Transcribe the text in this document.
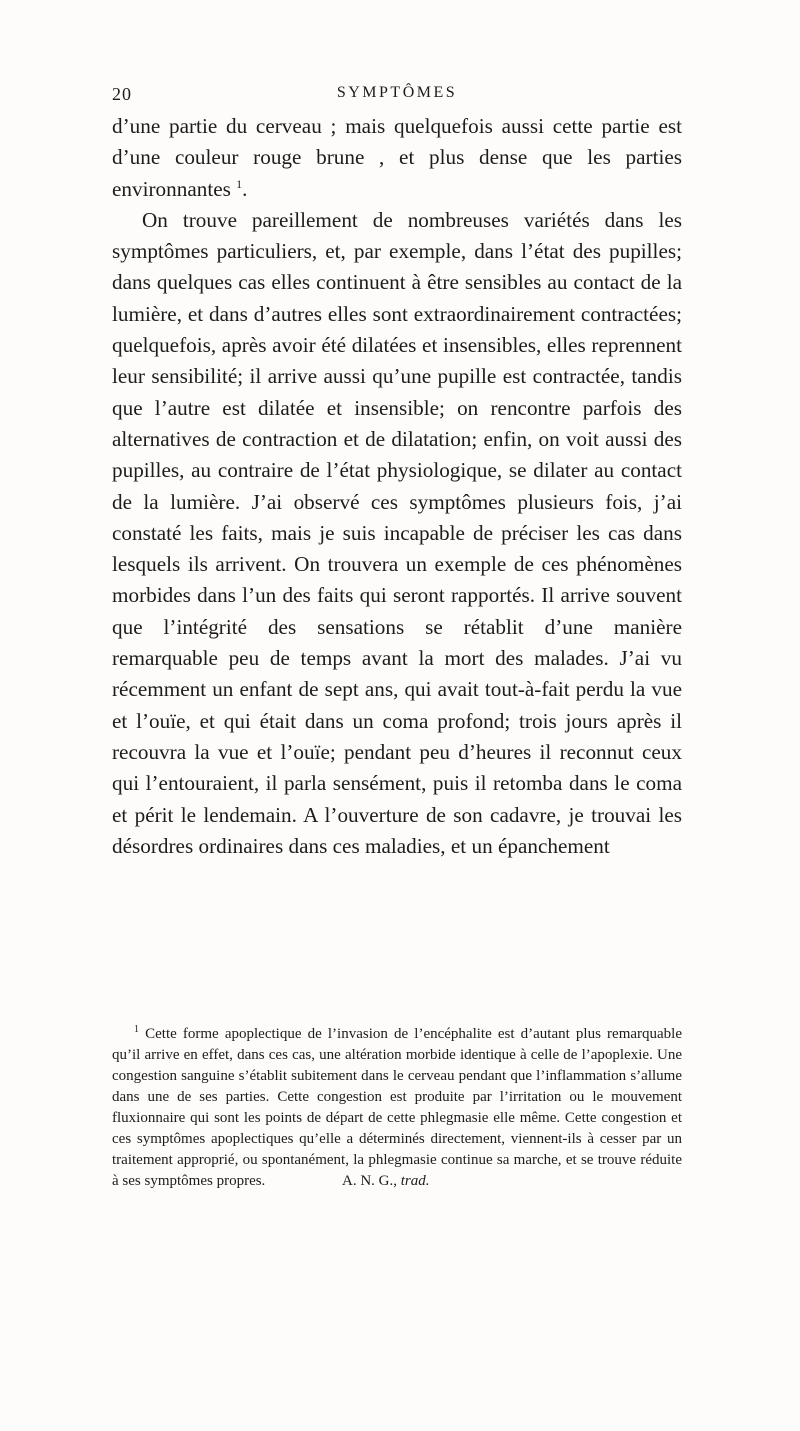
20	SYMPTÔMES

d’une partie du cerveau ; mais quelquefois aussi cette partie est d’une couleur rouge brune , et plus dense que les parties environnantes $^1$.

On trouve pareillement de nombreuses variétés dans les symptômes particuliers, et, par exemple, dans l’état des pupilles; dans quelques cas elles continuent à être sensibles au contact de la lumière, et dans d’autres elles sont extraordinairement contractées; quelquefois, après avoir été dilatées et insensibles, elles reprennent leur sensibilité; il arrive aussi qu’une pupille est contractée, tandis que l’autre est dilatée et insensible; on rencontre parfois des alternatives de contraction et de dilatation; enfin, on voit aussi des pupilles, au contraire de l’état physiologique, se dilater au contact de la lumière. J’ai observé ces symptômes plusieurs fois, j’ai constaté les faits, mais je suis incapable de préciser les cas dans lesquels ils arrivent. On trouvera un exemple de ces phénomènes morbides dans l’un des faits qui seront rapportés. Il arrive souvent que l’intégrité des sensations se rétablit d’une manière remarquable peu de temps avant la mort des malades. J’ai vu récemment un enfant de sept ans, qui avait tout-à-fait perdu la vue et l’ouïe, et qui était dans un coma profond; trois jours après il recouvra la vue et l’ouïe; pendant peu d’heures il reconnut ceux qui l’entouraient, il parla sensément, puis il retomba dans le coma et périt le lendemain. A l’ouverture de son cadavre, je trouvai les désordres ordinaires dans ces maladies, et un épanchement

$^1$ Cette forme apoplectique de l’invasion de l’encéphalite est d’autant plus remarquable qu’il arrive en effet, dans ces cas, une altération morbide identique à celle de l’apoplexie. Une congestion sanguine s’établit subitement dans le cerveau pendant que l’inflammation s’allume dans une de ses parties. Cette congestion est produite par l’irritation ou le mouvement fluxionnaire qui sont les points de départ de cette phlegmasie elle même. Cette congestion et ces symptômes apoplectiques qu’elle a déterminés directement, viennent-ils à cesser par un traitement approprié, ou spontanément, la phlegmasie continue sa marche, et se trouve réduite à ses symptômes propres.	A. N. G., trad.
